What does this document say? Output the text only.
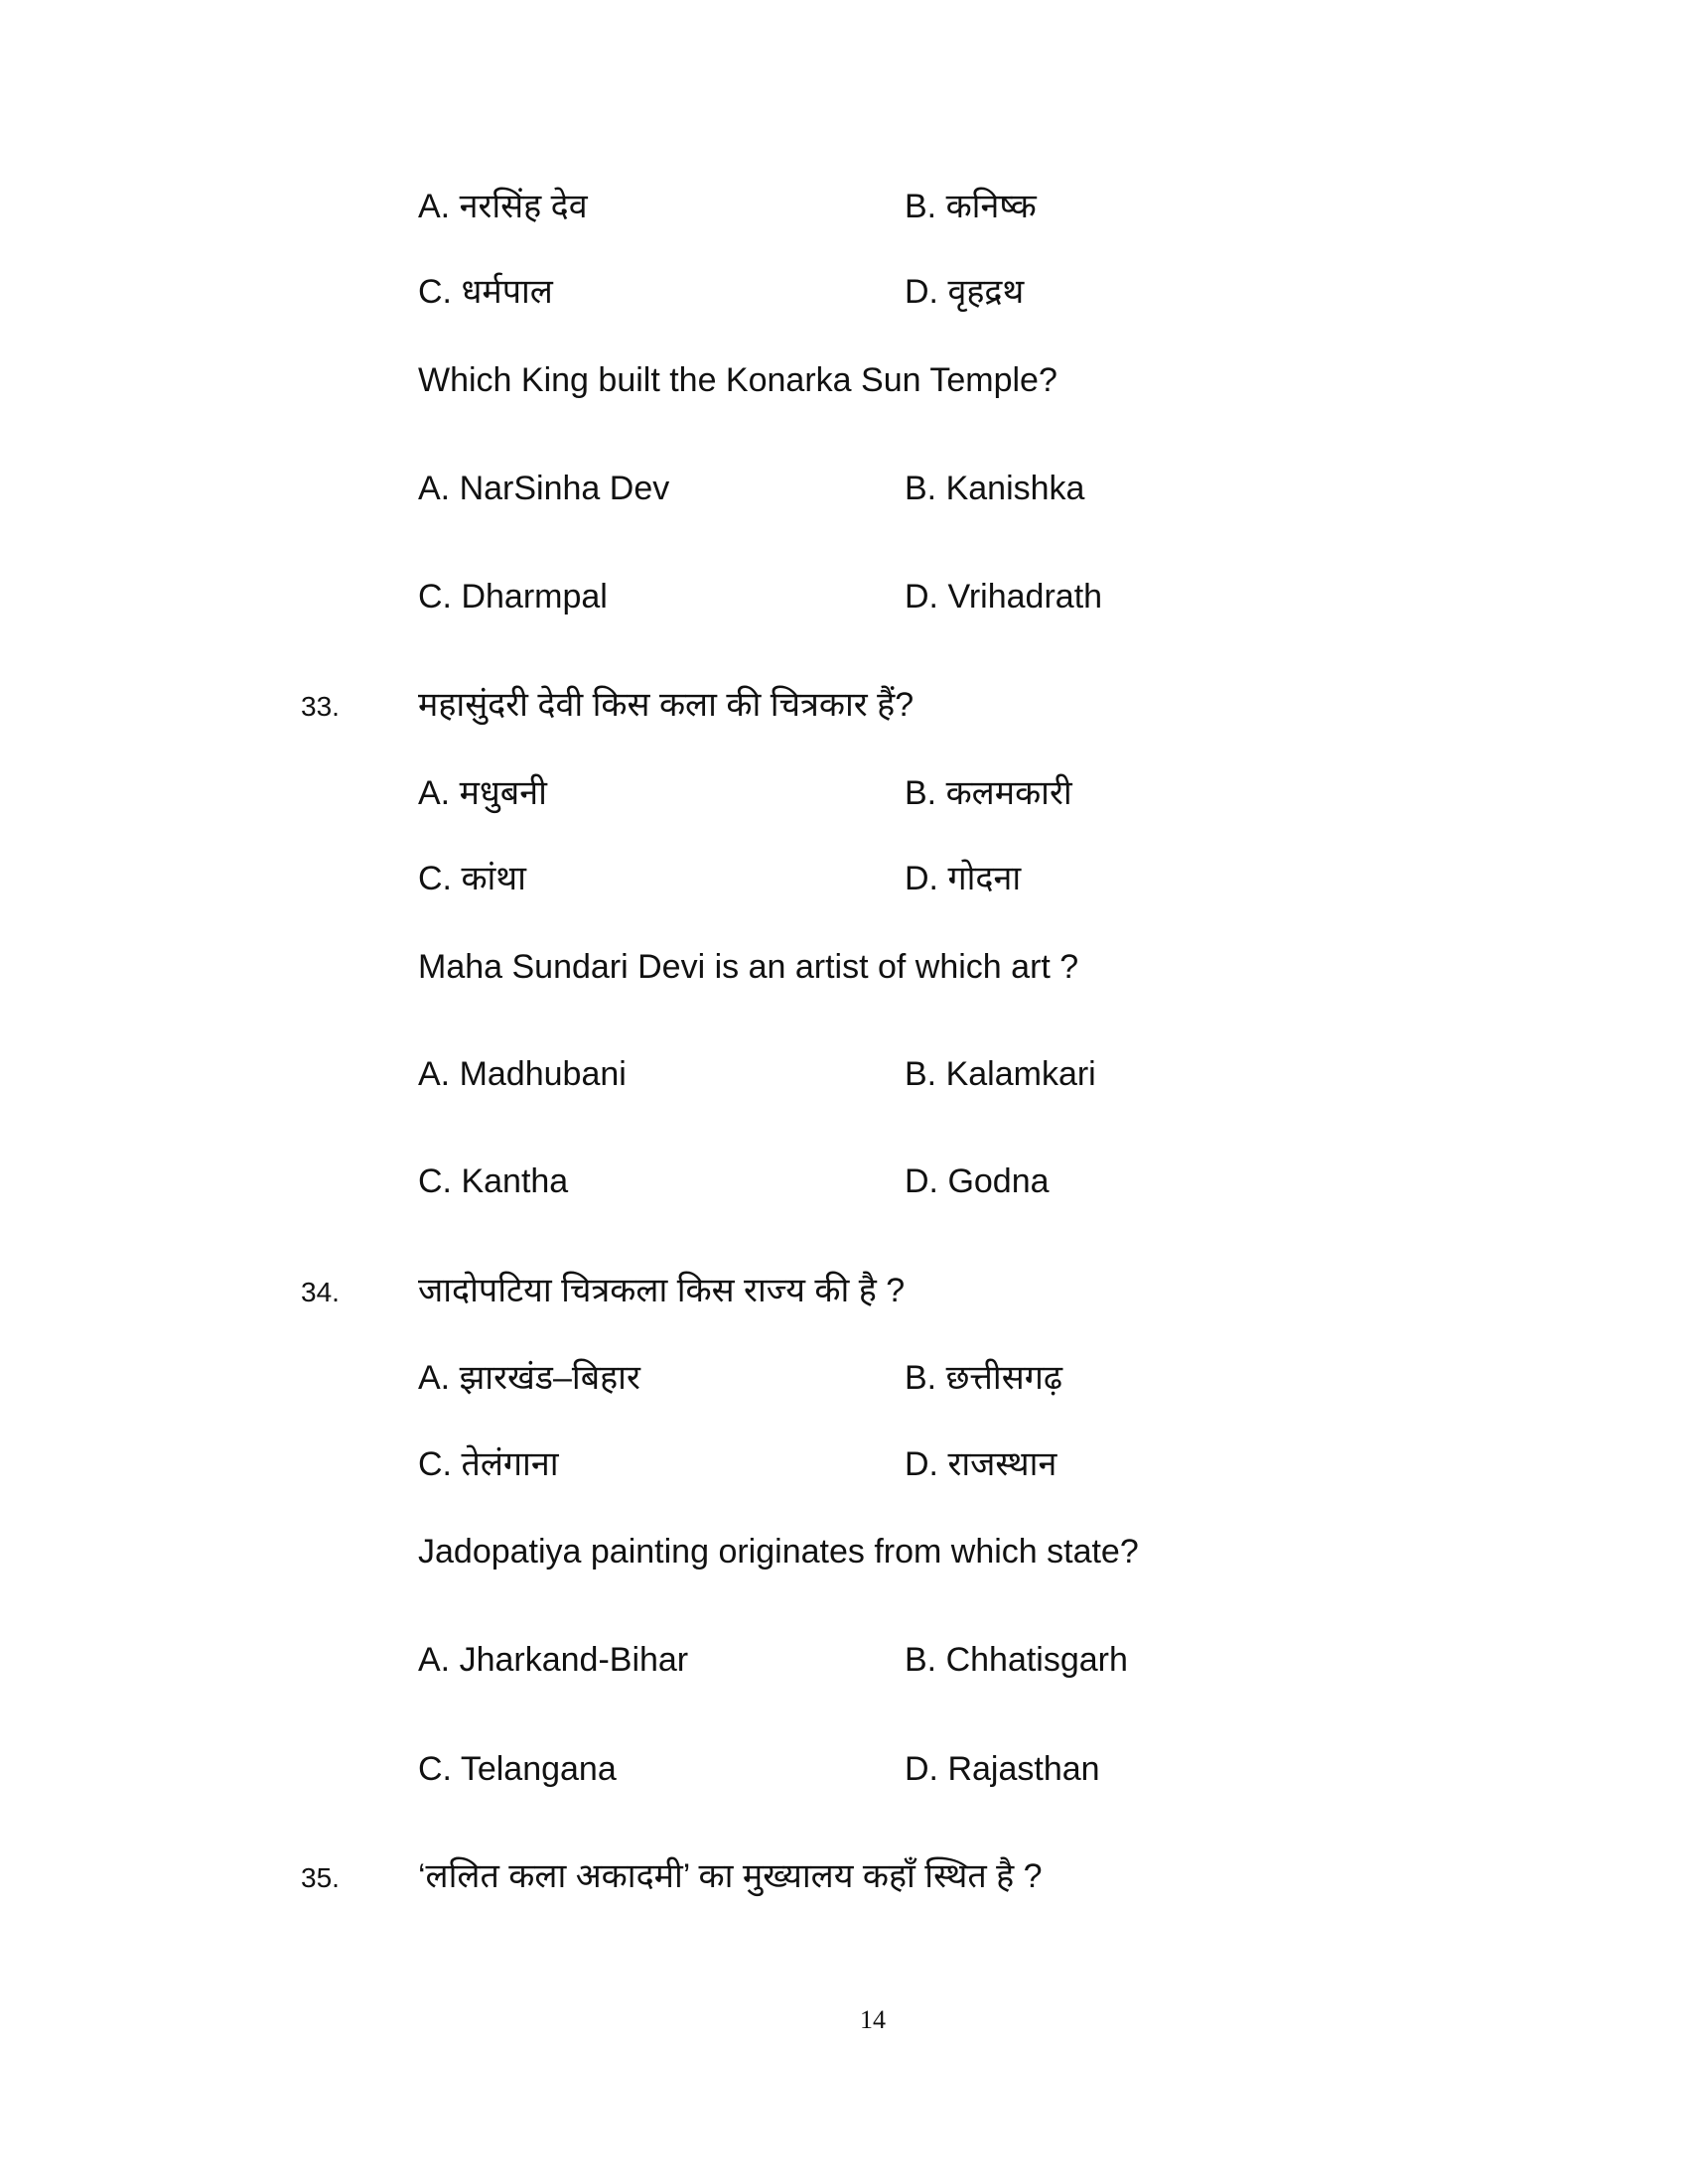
A. नरसिंह देव	B. कनिष्क
C. धर्मपाल	D. वृहद्रथ
Which King built the Konarka Sun Temple?
A. NarSinha Dev	B. Kanishka
C. Dharmpal	D. Vrihadrath
33. महासुंदरी देवी किस कला की चित्रकार हैं?
A. मधुबनी	B. कलमकारी
C. कांथा	D. गोदना
Maha Sundari Devi is an artist of which art ?
A. Madhubani	B. Kalamkari
C. Kantha	D. Godna
34. जादोपटिया चित्रकला किस राज्य की है ?
A. झारखंड–बिहार	B. छत्तीसगढ़
C. तेलंगाना	D. राजस्थान
Jadopatiya painting originates from which state?
A. Jharkand-Bihar	B. Chhatisgarh
C. Telangana	D. Rajasthan
35. ‘ललित कला अकादमी’ का मुख्यालय कहाँ स्थित है ?
14
